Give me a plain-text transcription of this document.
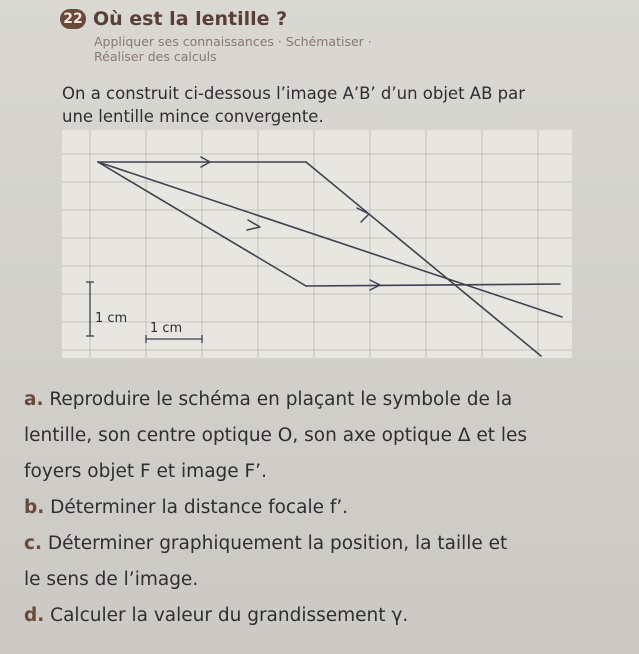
22 Où est la lentille ?
Appliquer ses connaissances · Schématiser ·
Réaliser des calculs
On a construit ci-dessous l’image A’B’ d’un objet AB par
une lentille mince convergente.
1 cm
1 cm
a. Reproduire le schéma en plaçant le symbole de la
lentille, son centre optique O, son axe optique Δ et les
foyers objet F et image F’.
b. Déterminer la distance focale f’.
c. Déterminer graphiquement la position, la taille et
le sens de l’image.
d. Calculer la valeur du grandissement γ.
